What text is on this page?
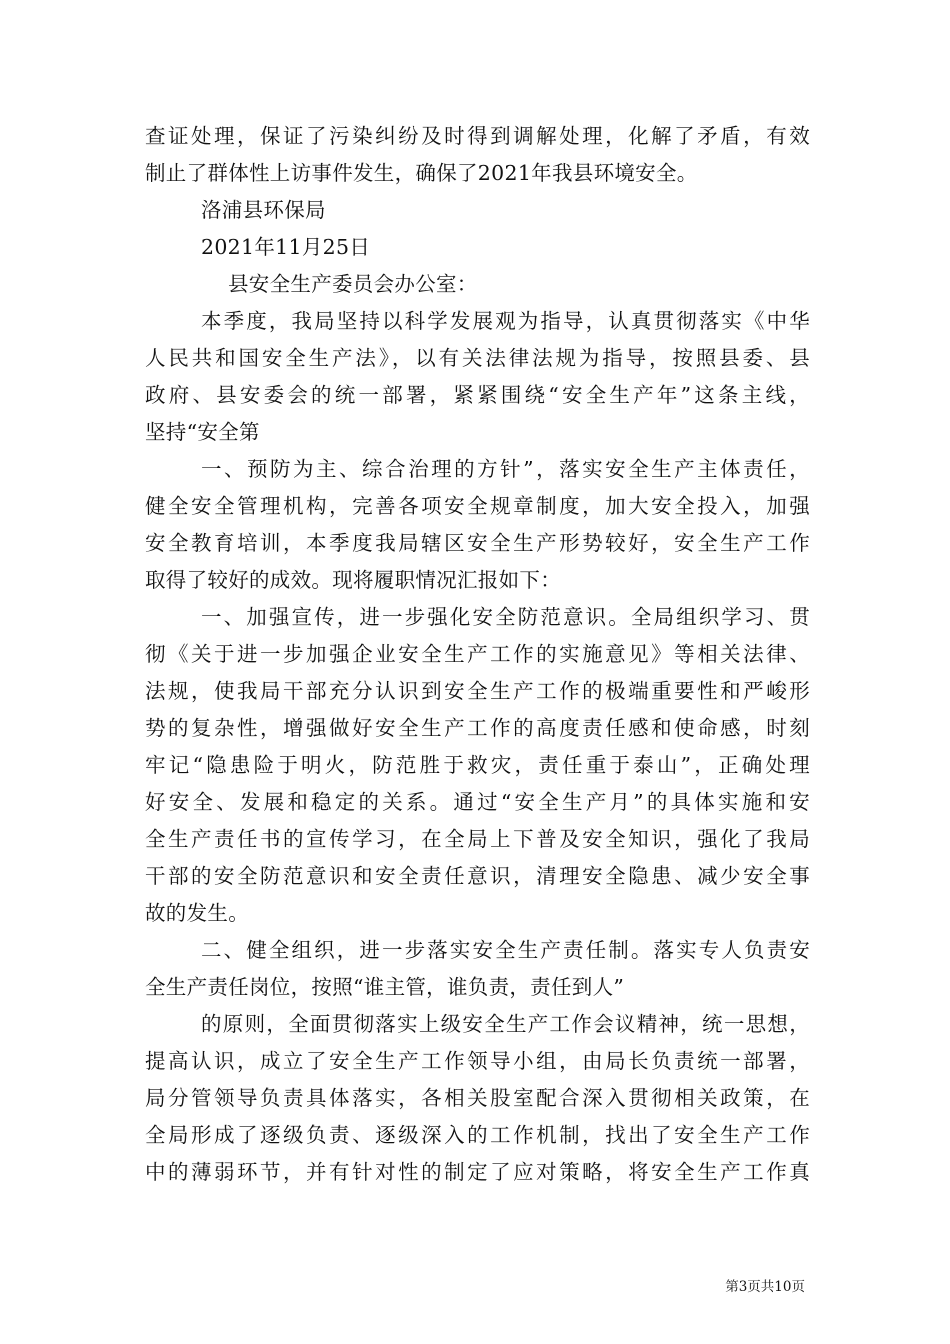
查证处理，保证了污染纠纷及时得到调解处理，化解了矛盾，有效
制止了群体性上访事件发生，确保了2021年我县环境安全。
洛浦县环保局
2021年11月25日
县安全生产委员会办公室：
本季度，我局坚持以科学发展观为指导，认真贯彻落实《中华
人民共和国安全生产法》，以有关法律法规为指导，按照县委、县
政府、县安委会的统一部署，紧紧围绕“安全生产年”这条主线，
坚持“安全第
一、预防为主、综合治理的方针”，落实安全生产主体责任，
健全安全管理机构，完善各项安全规章制度，加大安全投入，加强
安全教育培训，本季度我局辖区安全生产形势较好，安全生产工作
取得了较好的成效。现将履职情况汇报如下：
一、加强宣传，进一步强化安全防范意识。全局组织学习、贯
彻《关于进一步加强企业安全生产工作的实施意见》等相关法律、
法规，使我局干部充分认识到安全生产工作的极端重要性和严峻形
势的复杂性，增强做好安全生产工作的高度责任感和使命感，时刻
牢记“隐患险于明火，防范胜于救灾，责任重于泰山”，正确处理
好安全、发展和稳定的关系。通过“安全生产月”的具体实施和安
全生产责任书的宣传学习，在全局上下普及安全知识，强化了我局
干部的安全防范意识和安全责任意识，清理安全隐患、减少安全事
故的发生。
二、健全组织，进一步落实安全生产责任制。落实专人负责安
全生产责任岗位，按照“谁主管，谁负责，责任到人”
的原则，全面贯彻落实上级安全生产工作会议精神，统一思想，
提高认识，成立了安全生产工作领导小组，由局长负责统一部署，
局分管领导负责具体落实，各相关股室配合深入贯彻相关政策，在
全局形成了逐级负责、逐级深入的工作机制，找出了安全生产工作
中的薄弱环节，并有针对性的制定了应对策略，将安全生产工作真
第3页共10页
